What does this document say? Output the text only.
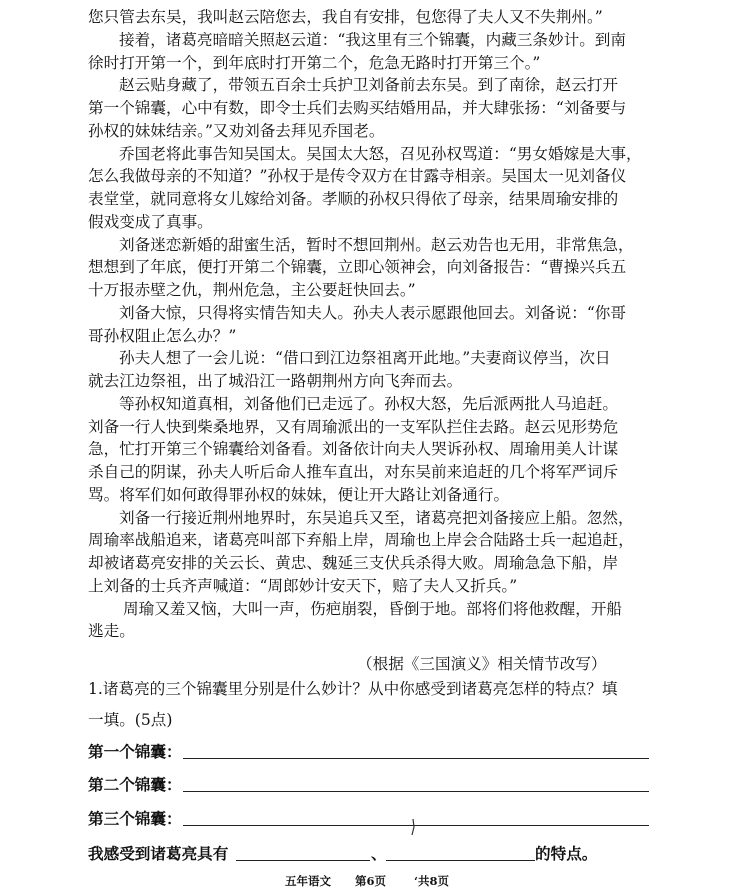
您只管去东吴，我叫赵云陪您去，我自有安排，包您得了夫人又不失荆州。”
接着，诸葛亮暗暗关照赵云道：“我这里有三个锦囊，内藏三条妙计。到南
徐时打开第一个，到年底时打开第二个，危急无路时打开第三个。”
赵云贴身藏了，带领五百余士兵护卫刘备前去东吴。到了南徐，赵云打开
第一个锦囊，心中有数，即令士兵们去购买结婚用品，并大肆张扬：“刘备要与
孙权的妹妹结亲。”又劝刘备去拜见乔国老。
乔国老将此事告知吴国太。吴国太大怒，召见孙权骂道：“男女婚嫁是大事，
怎么我做母亲的不知道？”孙权于是传令双方在甘露寺相亲。吴国太一见刘备仪
表堂堂，就同意将女儿嫁给刘备。孝顺的孙权只得依了母亲，结果周瑜安排的
假戏变成了真事。
刘备迷恋新婚的甜蜜生活，暂时不想回荆州。赵云劝告也无用，非常焦急，
想想到了年底，便打开第二个锦囊，立即心领神会，向刘备报告：“曹操兴兵五
十万报赤壁之仇，荆州危急，主公要赶快回去。”
刘备大惊，只得将实情告知夫人。孙夫人表示愿跟他回去。刘备说：“你哥
哥孙权阻止怎么办？”
孙夫人想了一会儿说：“借口到江边祭祖离开此地。”夫妻商议停当，次日
就去江边祭祖，出了城沿江一路朝荆州方向飞奔而去。
等孙权知道真相，刘备他们已走远了。孙权大怒，先后派两批人马追赶。
刘备一行人快到柴桑地界，又有周瑜派出的一支军队拦住去路。赵云见形势危
急，忙打开第三个锦囊给刘备看。刘备依计向夫人哭诉孙权、周瑜用美人计谋
杀自己的阴谋，孙夫人听后命人推车直出，对东吴前来追赶的几个将军严词斥
骂。将军们如何敢得罪孙权的妹妹，便让开大路让刘备通行。
刘备一行接近荆州地界时，东吴追兵又至，诸葛亮把刘备接应上船。忽然，
周瑜率战船追来，诸葛亮叫部下弃船上岸，周瑜也上岸会合陆路士兵一起追赶，
却被诸葛亮安排的关云长、黄忠、魏延三支伏兵杀得大败。周瑜急急下船，岸
上刘备的士兵齐声喊道：“周郎妙计安天下，赔了夫人又折兵。”
周瑜又羞又恼，大叫一声，伤疤崩裂，昏倒于地。部将们将他救醒，开船
逃走。
（根据《三国演义》相关情节改写）
1.诸葛亮的三个锦囊里分别是什么妙计？从中你感受到诸葛亮怎样的特点？填
一填。(5点)
第一个锦囊：
第二个锦囊：
第三个锦囊：
我感受到诸葛亮具有	、	的特点。
五年语文 第6页 ‘共8页
